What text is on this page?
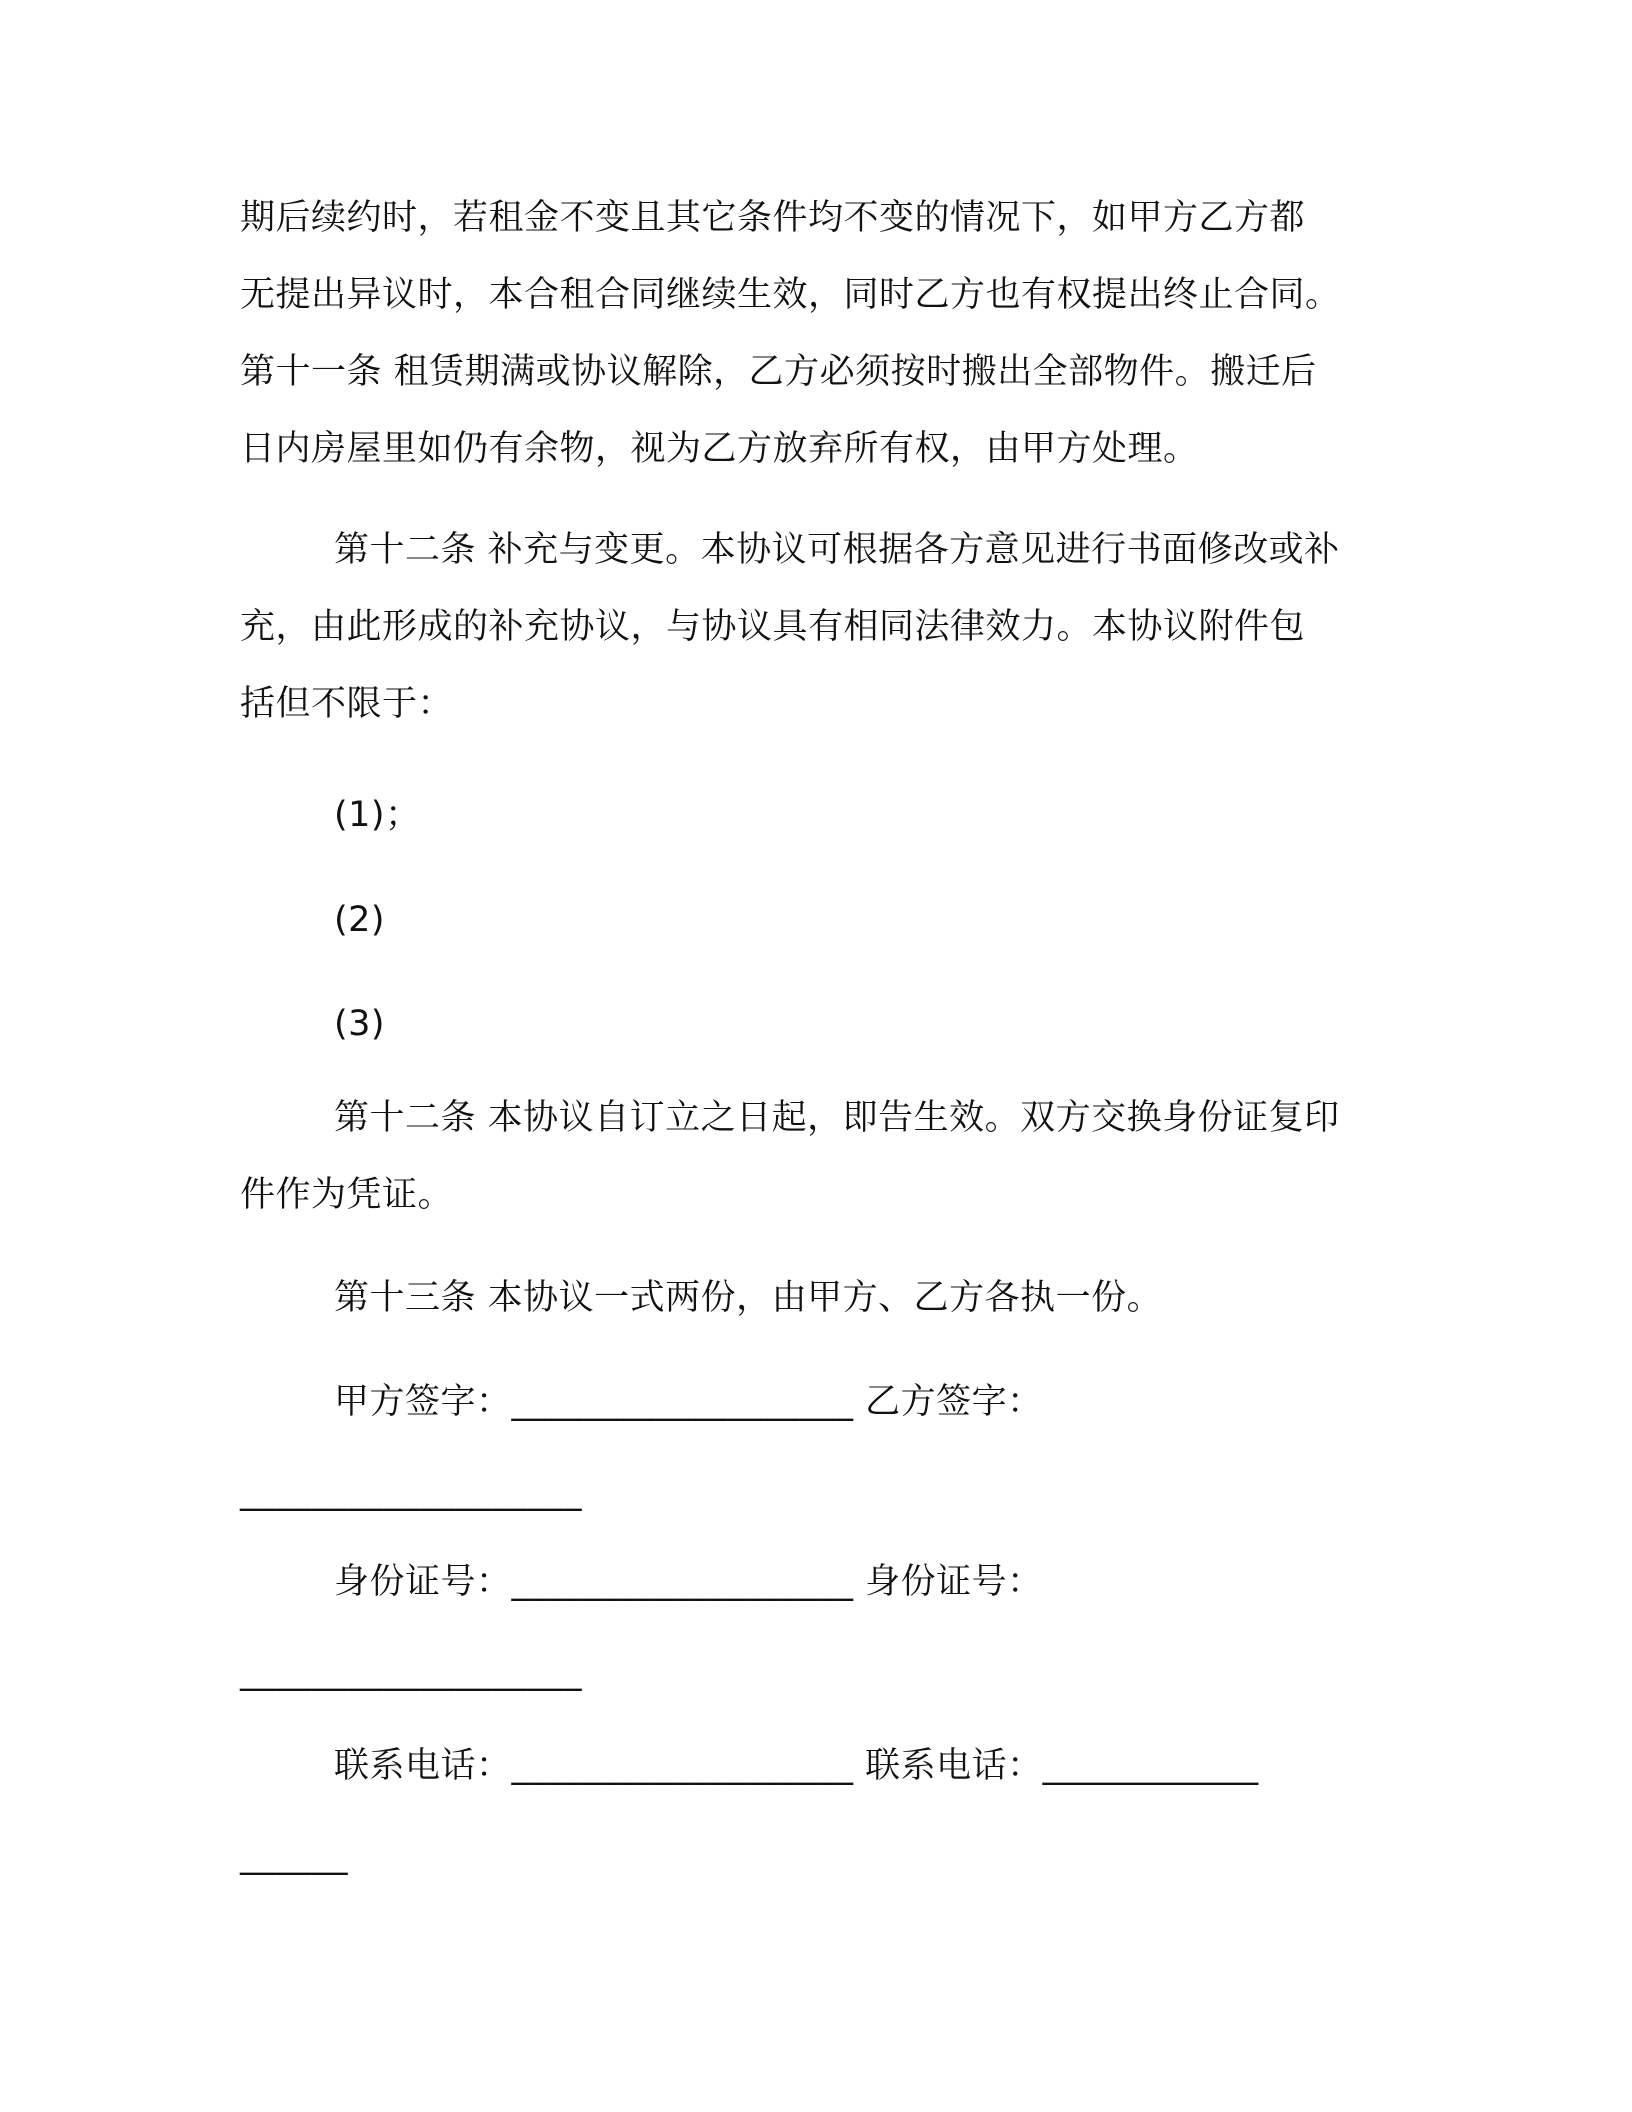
期后续约时，若租金不变且其它条件均不变的情况下，如甲方乙方都
无提出异议时，本合租合同继续生效，同时乙方也有权提出终止合同。
第十一条 租赁期满或协议解除，乙方必须按时搬出全部物件。搬迁后
日内房屋里如仍有余物，视为乙方放弃所有权，由甲方处理。
第十二条 补充与变更。本协议可根据各方意见进行书面修改或补
充，由此形成的补充协议，与协议具有相同法律效力。本协议附件包
括但不限于：
(1)；
(2)
(3)
第十二条 本协议自订立之日起，即告生效。双方交换身份证复印
件作为凭证。
第十三条 本协议一式两份，由甲方、乙方各执一份。
甲方签字：___________________ 乙方签字：
___________________
身份证号：___________________ 身份证号：
___________________
联系电话：___________________ 联系电话：____________
______
